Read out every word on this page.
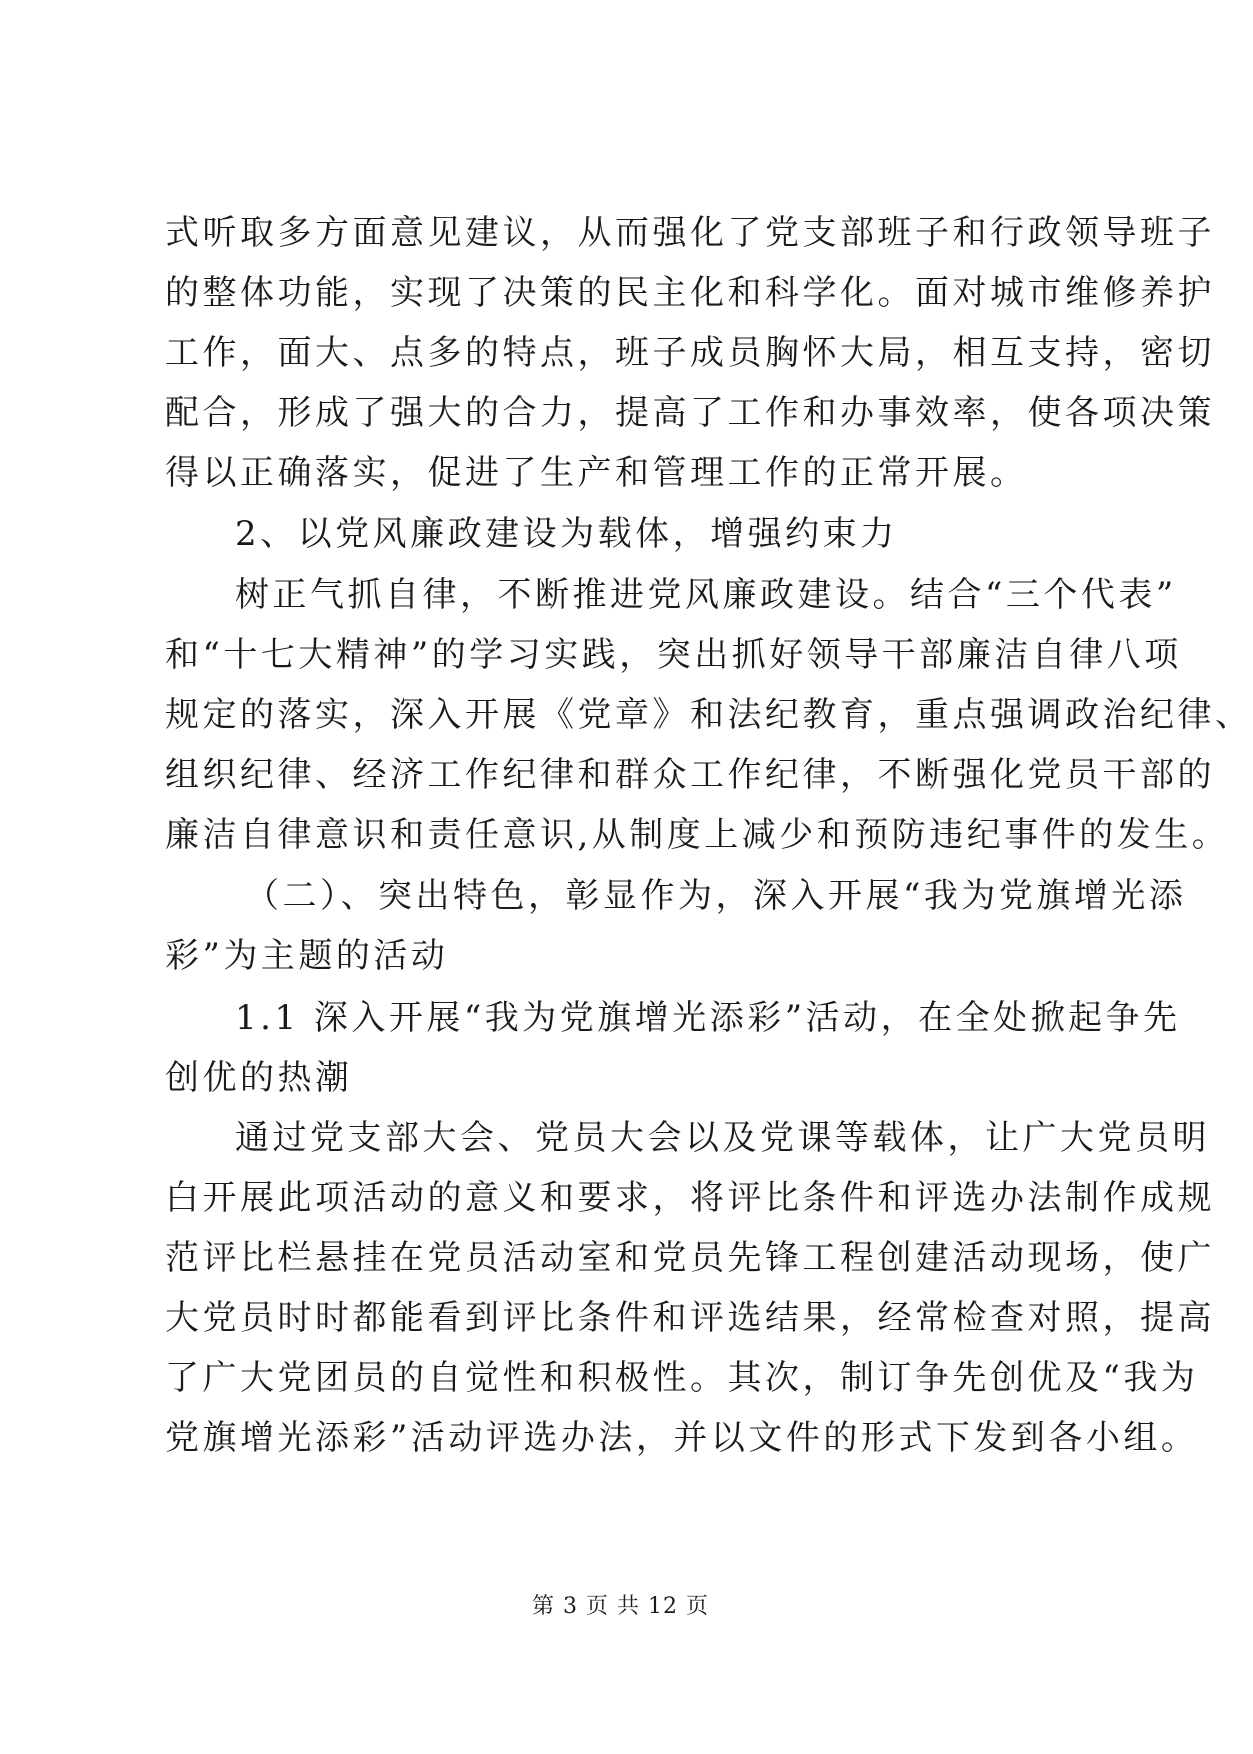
式听取多方面意见建议，从而强化了党支部班子和行政领导班子
的整体功能，实现了决策的民主化和科学化。面对城市维修养护
工作，面大、点多的特点，班子成员胸怀大局，相互支持，密切
配合，形成了强大的合力，提高了工作和办事效率，使各项决策
得以正确落实，促进了生产和管理工作的正常开展。
2、以党风廉政建设为载体，增强约束力
树正气抓自律，不断推进党风廉政建设。结合“三个代表”
和“十七大精神”的学习实践，突出抓好领导干部廉洁自律八项
规定的落实，深入开展《党章》和法纪教育，重点强调政治纪律、
组织纪律、经济工作纪律和群众工作纪律，不断强化党员干部的
廉洁自律意识和责任意识,从制度上减少和预防违纪事件的发生。
（二）、突出特色，彰显作为，深入开展“我为党旗增光添
彩”为主题的活动
1.1 深入开展“我为党旗增光添彩”活动，在全处掀起争先
创优的热潮
通过党支部大会、党员大会以及党课等载体，让广大党员明
白开展此项活动的意义和要求，将评比条件和评选办法制作成规
范评比栏悬挂在党员活动室和党员先锋工程创建活动现场，使广
大党员时时都能看到评比条件和评选结果，经常检查对照，提高
了广大党团员的自觉性和积极性。其次，制订争先创优及“我为
党旗增光添彩”活动评选办法，并以文件的形式下发到各小组。
第 3 页 共 12 页
